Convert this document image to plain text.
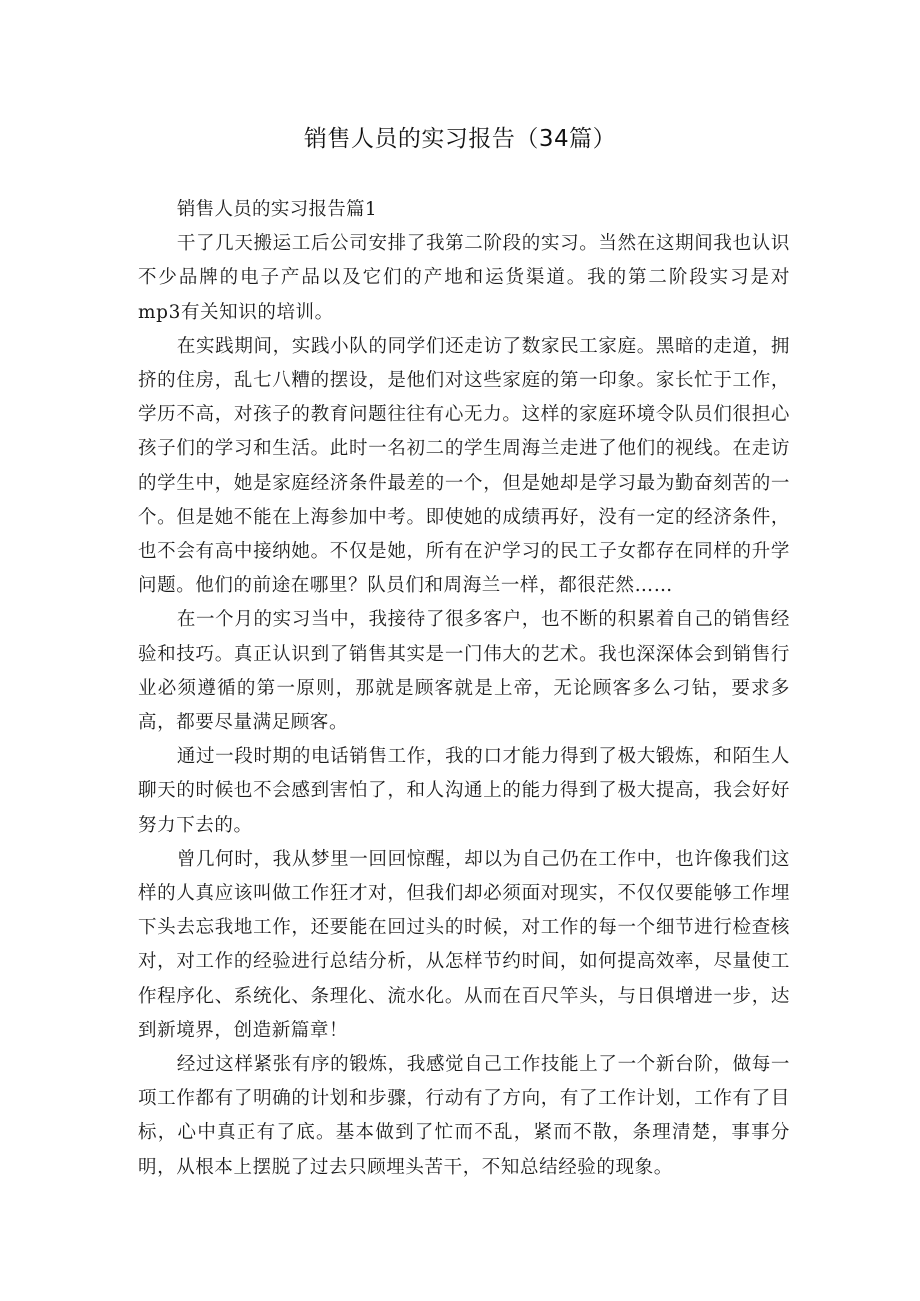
销售人员的实习报告（34篇）

销售人员的实习报告篇1

干了几天搬运工后公司安排了我第二阶段的实习。当然在这期间我也认识不少品牌的电子产品以及它们的产地和运货渠道。我的第二阶段实习是对mp3有关知识的培训。

在实践期间，实践小队的同学们还走访了数家民工家庭。黑暗的走道，拥挤的住房，乱七八糟的摆设，是他们对这些家庭的第一印象。家长忙于工作，学历不高，对孩子的教育问题往往有心无力。这样的家庭环境令队员们很担心孩子们的学习和生活。此时一名初二的学生周海兰走进了他们的视线。在走访的学生中，她是家庭经济条件最差的一个，但是她却是学习最为勤奋刻苦的一个。但是她不能在上海参加中考。即使她的成绩再好，没有一定的经济条件，也不会有高中接纳她。不仅是她，所有在沪学习的民工子女都存在同样的升学问题。他们的前途在哪里？队员们和周海兰一样，都很茫然……

在一个月的实习当中，我接待了很多客户，也不断的积累着自己的销售经验和技巧。真正认识到了销售其实是一门伟大的艺术。我也深深体会到销售行业必须遵循的第一原则，那就是顾客就是上帝，无论顾客多么刁钻，要求多高，都要尽量满足顾客。

通过一段时期的电话销售工作，我的口才能力得到了极大锻炼，和陌生人聊天的时候也不会感到害怕了，和人沟通上的能力得到了极大提高，我会好好努力下去的。

曾几何时，我从梦里一回回惊醒，却以为自己仍在工作中，也许像我们这样的人真应该叫做工作狂才对，但我们却必须面对现实，不仅仅要能够工作埋下头去忘我地工作，还要能在回过头的时候，对工作的每一个细节进行检查核对，对工作的经验进行总结分析，从怎样节约时间，如何提高效率，尽量使工作程序化、系统化、条理化、流水化。从而在百尺竿头，与日俱增进一步，达到新境界，创造新篇章！

经过这样紧张有序的锻炼，我感觉自己工作技能上了一个新台阶，做每一项工作都有了明确的计划和步骤，行动有了方向，有了工作计划，工作有了目标，心中真正有了底。基本做到了忙而不乱，紧而不散，条理清楚，事事分明，从根本上摆脱了过去只顾埋头苦干，不知总结经验的现象。
